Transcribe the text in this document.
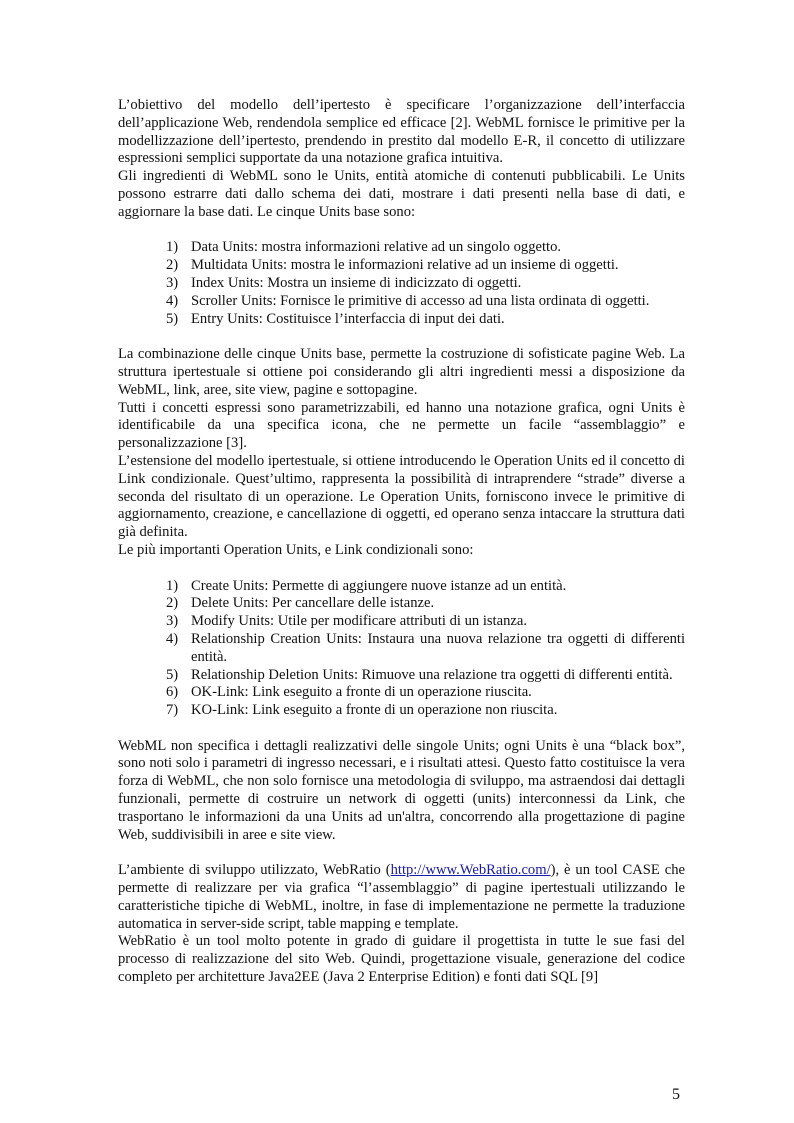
L’obiettivo del modello dell’ipertesto è specificare l’organizzazione dell’interfaccia dell’applicazione Web, rendendola semplice ed efficace [2]. WebML fornisce le primitive per la modellizzazione dell’ipertesto, prendendo in prestito dal modello E-R, il concetto di utilizzare espressioni semplici supportate da una notazione grafica intuitiva.

Gli ingredienti di WebML sono le Units, entità atomiche di contenuti pubblicabili. Le Units possono estrarre dati dallo schema dei dati, mostrare i dati presenti nella base di dati, e aggiornare la base dati. Le cinque Units base sono:

1) Data Units: mostra informazioni relative ad un singolo oggetto.
2) Multidata Units: mostra le informazioni relative ad un insieme di oggetti.
3) Index Units: Mostra un insieme di indicizzato di oggetti.
4) Scroller Units: Fornisce le primitive di accesso ad una lista ordinata di oggetti.
5) Entry Units: Costituisce l’interfaccia di input dei dati.

La combinazione delle cinque Units base, permette la costruzione di sofisticate pagine Web. La struttura ipertestuale si ottiene poi considerando gli altri ingredienti messi a disposizione da WebML, link, aree, site view, pagine e sottopagine.

Tutti i concetti espressi sono parametrizzabili, ed hanno una notazione grafica, ogni Units è identificabile da una specifica icona, che ne permette un facile “assemblaggio” e personalizzazione [3].

L’estensione del modello ipertestuale, si ottiene introducendo le Operation Units ed il concetto di Link condizionale. Quest’ultimo, rappresenta la possibilità di intraprendere “strade” diverse a seconda del risultato di un operazione. Le Operation Units, forniscono invece le primitive di aggiornamento, creazione, e cancellazione di oggetti, ed operano senza intaccare la struttura dati già definita.

Le più importanti Operation Units, e Link condizionali sono:

1) Create Units: Permette di aggiungere nuove istanze ad un entità.
2) Delete Units: Per cancellare delle istanze.
3) Modify Units: Utile per modificare attributi di un istanza.
4) Relationship Creation Units: Instaura una nuova relazione tra oggetti di differenti entità.
5) Relationship Deletion Units: Rimuove una relazione tra oggetti di differenti entità.
6) OK-Link: Link eseguito a fronte di un operazione riuscita.
7) KO-Link: Link eseguito a fronte di un operazione non riuscita.

WebML non specifica i dettagli realizzativi delle singole Units; ogni Units è una “black box”, sono noti solo i parametri di ingresso necessari, e i risultati attesi. Questo fatto costituisce la vera forza di WebML, che non solo fornisce una metodologia di sviluppo, ma astraendosi dai dettagli funzionali, permette di costruire un network di oggetti (units) interconnessi da Link, che trasportano le informazioni da una Units ad un'altra, concorrendo alla progettazione di pagine Web, suddivisibili in aree e site view.

L’ambiente di sviluppo utilizzato, WebRatio (http://www.WebRatio.com/), è un tool CASE che permette di realizzare per via grafica “l’assemblaggio” di pagine ipertestuali utilizzando le caratteristiche tipiche di WebML, inoltre, in fase di implementazione ne permette la traduzione automatica in server-side script, table mapping e template.

WebRatio è un tool molto potente in grado di guidare il progettista in tutte le sue fasi del processo di realizzazione del sito Web. Quindi, progettazione visuale, generazione del codice completo per architetture Java2EE (Java 2 Enterprise Edition) e fonti dati SQL [9]

5
